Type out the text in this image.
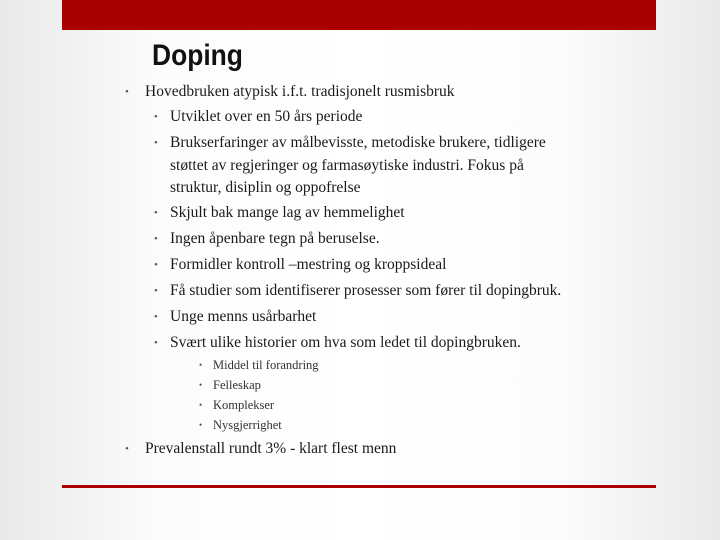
Doping
• Hovedbruken atypisk i.f.t. tradisjonelt rusmisbruk
• Utviklet over en 50 års periode
• Brukserfaringer av målbevisste, metodiske brukere, tidligere
støttet av regjeringer og farmasøytiske industri. Fokus på
struktur, disiplin og oppofrelse
• Skjult bak mange lag av hemmelighet
• Ingen åpenbare tegn på beruselse.
• Formidler kontroll –mestring og kroppsideal
• Få studier som identifiserer prosesser som fører til dopingbruk.
• Unge menns usårbarhet
• Svært ulike historier om hva som ledet til dopingbruken.
• Middel til forandring
• Felleskap
• Komplekser
• Nysgjerrighet
• Prevalenstall rundt 3% - klart flest menn
